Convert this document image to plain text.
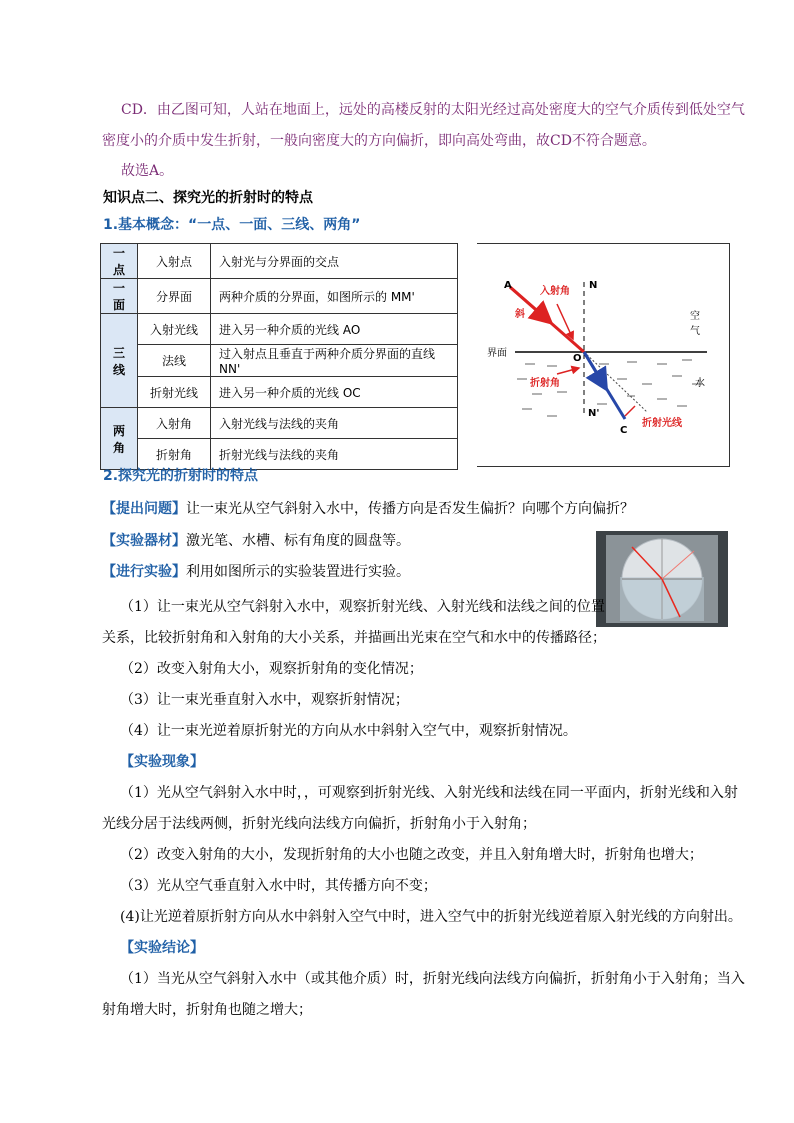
CD．由乙图可知，人站在地面上，远处的高楼反射的太阳光经过高处密度大的空气介质传到低处空气
密度小的介质中发生折射，一般向密度大的方向偏折，即向高处弯曲，故CD不符合题意。
故选A。
知识点二、探究光的折射时的特点
1.基本概念：“一点、一面、三线、两角”
一点	入射点	入射光与分界面的交点
一面	分界面	两种介质的分界面，如图所示的 MM'
三线	入射光线	进入另一种介质的光线 AO
	法线	过入射点且垂直于两种介质分界面的直线 NN'
	折射光线	进入另一种介质的光线 OC
两角	入射角	入射光线与法线的夹角
	折射角	折射光线与法线的夹角
A	N
入射角
斜	空
气
界面	O
折射角	水
N'
C
折射光线
2.探究光的折射时的特点
【提出问题】让一束光从空气斜射入水中，传播方向是否发生偏折？向哪个方向偏折？
【实验器材】激光笔、水槽、标有角度的圆盘等。
【进行实验】利用如图所示的实验装置进行实验。
（1）让一束光从空气斜射入水中，观察折射光线、入射光线和法线之间的位置
关系，比较折射角和入射角的大小关系，并描画出光束在空气和水中的传播路径；
（2）改变入射角大小，观察折射角的变化情况；
（3）让一束光垂直射入水中，观察折射情况；
（4）让一束光逆着原折射光的方向从水中斜射入空气中，观察折射情况。
【实验现象】
（1）光从空气斜射入水中时，，可观察到折射光线、入射光线和法线在同一平面内，折射光线和入射
光线分居于法线两侧，折射光线向法线方向偏折，折射角小于入射角；
（2）改变入射角的大小，发现折射角的大小也随之改变，并且入射角增大时，折射角也增大；
（3）光从空气垂直射入水中时，其传播方向不变；
(4)让光逆着原折射方向从水中斜射入空气中时，进入空气中的折射光线逆着原入射光线的方向射出。
【实验结论】
（1）当光从空气斜射入水中（或其他介质）时，折射光线向法线方向偏折，折射角小于入射角；当入
射角增大时，折射角也随之增大；
